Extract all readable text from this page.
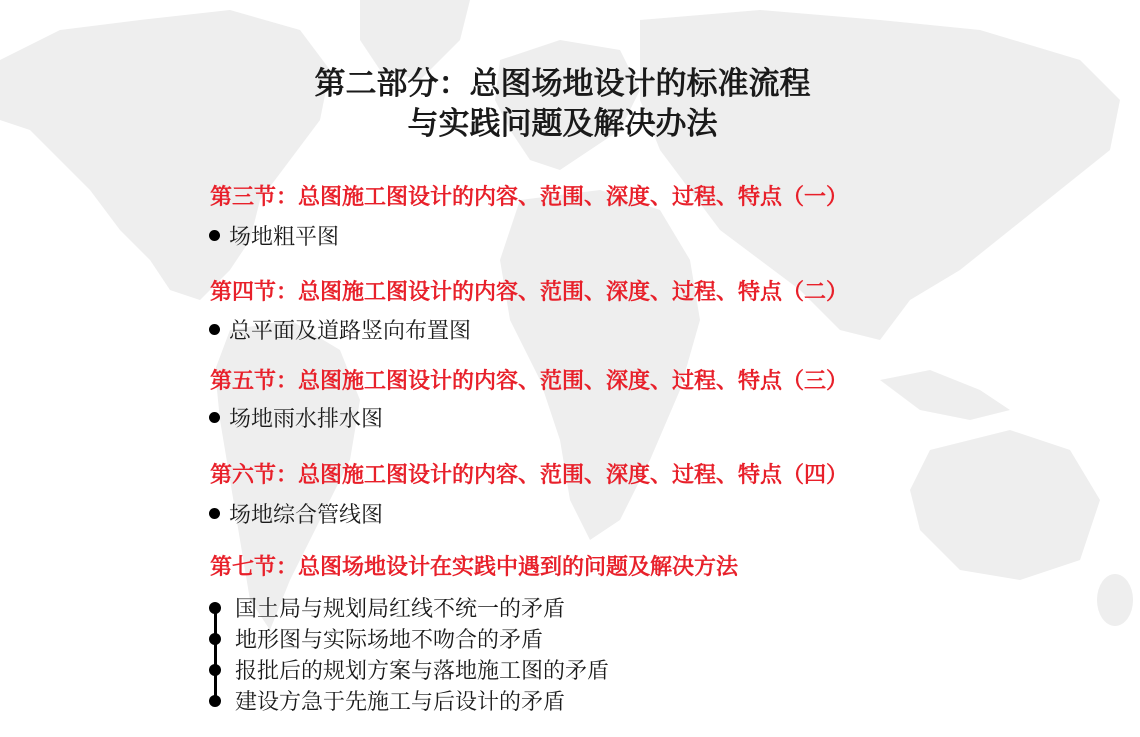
第二部分：总图场地设计的标准流程
与实践问题及解决办法
第三节：总图施工图设计的内容、范围、深度、过程、特点（一）
场地粗平图
第四节：总图施工图设计的内容、范围、深度、过程、特点（二）
总平面及道路竖向布置图
第五节：总图施工图设计的内容、范围、深度、过程、特点（三）
场地雨水排水图
第六节：总图施工图设计的内容、范围、深度、过程、特点（四）
场地综合管线图
第七节：总图场地设计在实践中遇到的问题及解决方法
国土局与规划局红线不统一的矛盾
地形图与实际场地不吻合的矛盾
报批后的规划方案与落地施工图的矛盾
建设方急于先施工与后设计的矛盾
